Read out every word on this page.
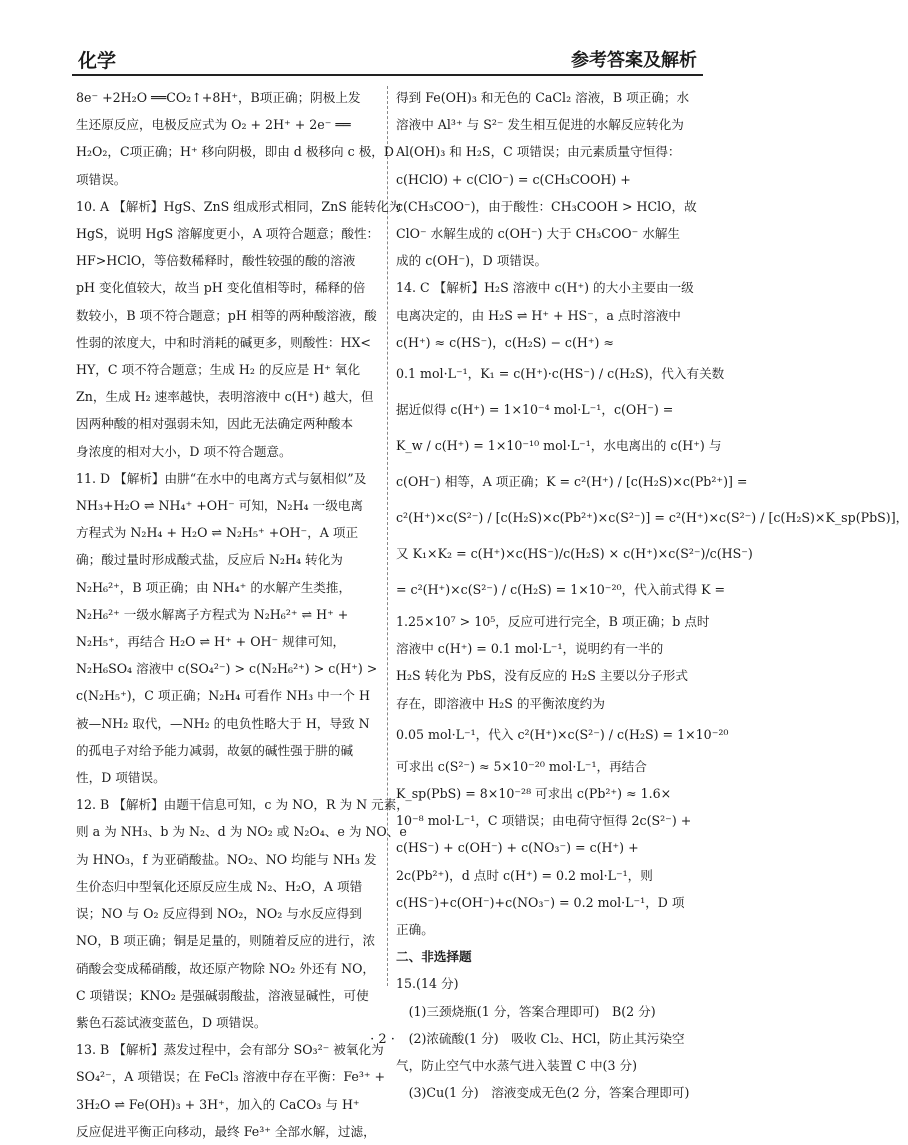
化学	参考答案及解析
8e⁻ +2H₂O ══CO₂↑+8H⁺，B项正确；阴极上发
生还原反应，电极反应式为 O₂ + 2H⁺ + 2e⁻ ══
H₂O₂，C项正确；H⁺ 移向阴极，即由 d 极移向 c 极，D
项错误。
10. A 【解析】HgS、ZnS 组成形式相同，ZnS 能转化为
HgS，说明 HgS 溶解度更小，A 项符合题意；酸性：
HF>HClO，等倍数稀释时，酸性较强的酸的溶液
pH 变化值较大，故当 pH 变化值相等时，稀释的倍
数较小，B 项不符合题意；pH 相等的两种酸溶液，酸
性弱的浓度大，中和时消耗的碱更多，则酸性：HX<
HY，C 项不符合题意；生成 H₂ 的反应是 H⁺ 氧化
Zn，生成 H₂ 速率越快，表明溶液中 c(H⁺) 越大，但
因两种酸的相对强弱未知，因此无法确定两种酸本
身浓度的相对大小，D 项不符合题意。
11. D 【解析】由肼“在水中的电离方式与氨相似”及
NH₃+H₂O ⇌ NH₄⁺ +OH⁻ 可知，N₂H₄ 一级电离
方程式为 N₂H₄ + H₂O ⇌ N₂H₅⁺ +OH⁻，A 项正
确；酸过量时形成酸式盐，反应后 N₂H₄ 转化为
N₂H₆²⁺，B 项正确；由 NH₄⁺ 的水解产生类推，
N₂H₆²⁺ 一级水解离子方程式为 N₂H₆²⁺ ⇌ H⁺ +
N₂H₅⁺，再结合 H₂O ⇌ H⁺ + OH⁻ 规律可知，
N₂H₆SO₄ 溶液中 c(SO₄²⁻) > c(N₂H₆²⁺) > c(H⁺) >
c(N₂H₅⁺)，C 项正确；N₂H₄ 可看作 NH₃ 中一个 H
被—NH₂ 取代，—NH₂ 的电负性略大于 H，导致 N
的孤电子对给予能力减弱，故氨的碱性强于肼的碱
性，D 项错误。
12. B 【解析】由题干信息可知，c 为 NO，R 为 N 元素，
则 a 为 NH₃、b 为 N₂、d 为 NO₂ 或 N₂O₄、e 为 NO、e
为 HNO₃，f 为亚硝酸盐。NO₂、NO 均能与 NH₃ 发
生价态归中型氧化还原反应生成 N₂、H₂O，A 项错
误；NO 与 O₂ 反应得到 NO₂，NO₂ 与水反应得到
NO，B 项正确；铜是足量的，则随着反应的进行，浓
硝酸会变成稀硝酸，故还原产物除 NO₂ 外还有 NO，
C 项错误；KNO₂ 是强碱弱酸盐，溶液显碱性，可使
紫色石蕊试液变蓝色，D 项错误。
13. B 【解析】蒸发过程中，会有部分 SO₃²⁻ 被氧化为
SO₄²⁻，A 项错误；在 FeCl₃ 溶液中存在平衡：Fe³⁺ +
3H₂O ⇌ Fe(OH)₃ + 3H⁺，加入的 CaCO₃ 与 H⁺
反应促进平衡正向移动，最终 Fe³⁺ 全部水解，过滤，
得到 Fe(OH)₃ 和无色的 CaCl₂ 溶液，B 项正确；水
溶液中 Al³⁺ 与 S²⁻ 发生相互促进的水解反应转化为
Al(OH)₃ 和 H₂S，C 项错误；由元素质量守恒得：
c(HClO) + c(ClO⁻) = c(CH₃COOH) +
c(CH₃COO⁻)，由于酸性：CH₃COOH > HClO，故
ClO⁻ 水解生成的 c(OH⁻) 大于 CH₃COO⁻ 水解生
成的 c(OH⁻)，D 项错误。
14. C 【解析】H₂S 溶液中 c(H⁺) 的大小主要由一级
电离决定的，由 H₂S ⇌ H⁺ + HS⁻，a 点时溶液中
c(H⁺) ≈ c(HS⁻)，c(H₂S) − c(H⁺) ≈
0.1 mol·L⁻¹，K₁ = c(H⁺)·c(HS⁻) / c(H₂S)，代入有关数
据近似得 c(H⁺) = 1×10⁻⁴ mol·L⁻¹，c(OH⁻) =
K_w / c(H⁺) = 1×10⁻¹⁰ mol·L⁻¹，水电离出的 c(H⁺) 与
c(OH⁻) 相等，A 项正确；K = c²(H⁺) / [c(H₂S)×c(Pb²⁺)] =
c²(H⁺)×c(S²⁻) / [c(H₂S)×c(Pb²⁺)×c(S²⁻)] = c²(H⁺)×c(S²⁻) / [c(H₂S)×K_sp(PbS)]，
又 K₁×K₂ = c(H⁺)×c(HS⁻)/c(H₂S) × c(H⁺)×c(S²⁻)/c(HS⁻)
= c²(H⁺)×c(S²⁻) / c(H₂S) = 1×10⁻²⁰，代入前式得 K =
1.25×10⁷ > 10⁵，反应可进行完全，B 项正确；b 点时
溶液中 c(H⁺) = 0.1 mol·L⁻¹，说明约有一半的
H₂S 转化为 PbS，没有反应的 H₂S 主要以分子形式
存在，即溶液中 H₂S 的平衡浓度约为
0.05 mol·L⁻¹，代入 c²(H⁺)×c(S²⁻) / c(H₂S) = 1×10⁻²⁰
可求出 c(S²⁻) ≈ 5×10⁻²⁰ mol·L⁻¹，再结合
K_sp(PbS) = 8×10⁻²⁸ 可求出 c(Pb²⁺) ≈ 1.6×
10⁻⁸ mol·L⁻¹，C 项错误；由电荷守恒得 2c(S²⁻) +
c(HS⁻) + c(OH⁻) + c(NO₃⁻) = c(H⁺) +
2c(Pb²⁺)，d 点时 c(H⁺) = 0.2 mol·L⁻¹，则
c(HS⁻)+c(OH⁻)+c(NO₃⁻) = 0.2 mol·L⁻¹，D 项
正确。
二、非选择题
15.(14 分)
　(1)三颈烧瓶(1 分，答案合理即可)　B(2 分)
　(2)浓硫酸(1 分)　吸收 Cl₂、HCl，防止其污染空
气，防止空气中水蒸气进入装置 C 中(3 分)
　(3)Cu(1 分)　溶液变成无色(2 分，答案合理即可)
· 2 ·
